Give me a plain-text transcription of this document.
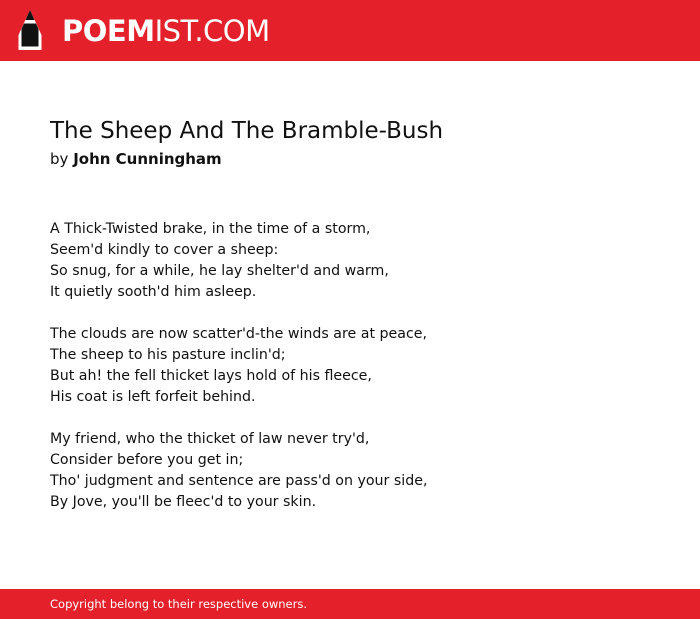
POEMIST.COM
The Sheep And The Bramble-Bush
by John Cunningham
A Thick-Twisted brake, in the time of a storm,
Seem'd kindly to cover a sheep:
So snug, for a while, he lay shelter'd and warm,
It quietly sooth'd him asleep.
The clouds are now scatter'd-the winds are at peace,
The sheep to his pasture inclin'd;
But ah! the fell thicket lays hold of his fleece,
His coat is left forfeit behind.
My friend, who the thicket of law never try'd,
Consider before you get in;
Tho' judgment and sentence are pass'd on your side,
By Jove, you'll be fleec'd to your skin.
Copyright belong to their respective owners.
